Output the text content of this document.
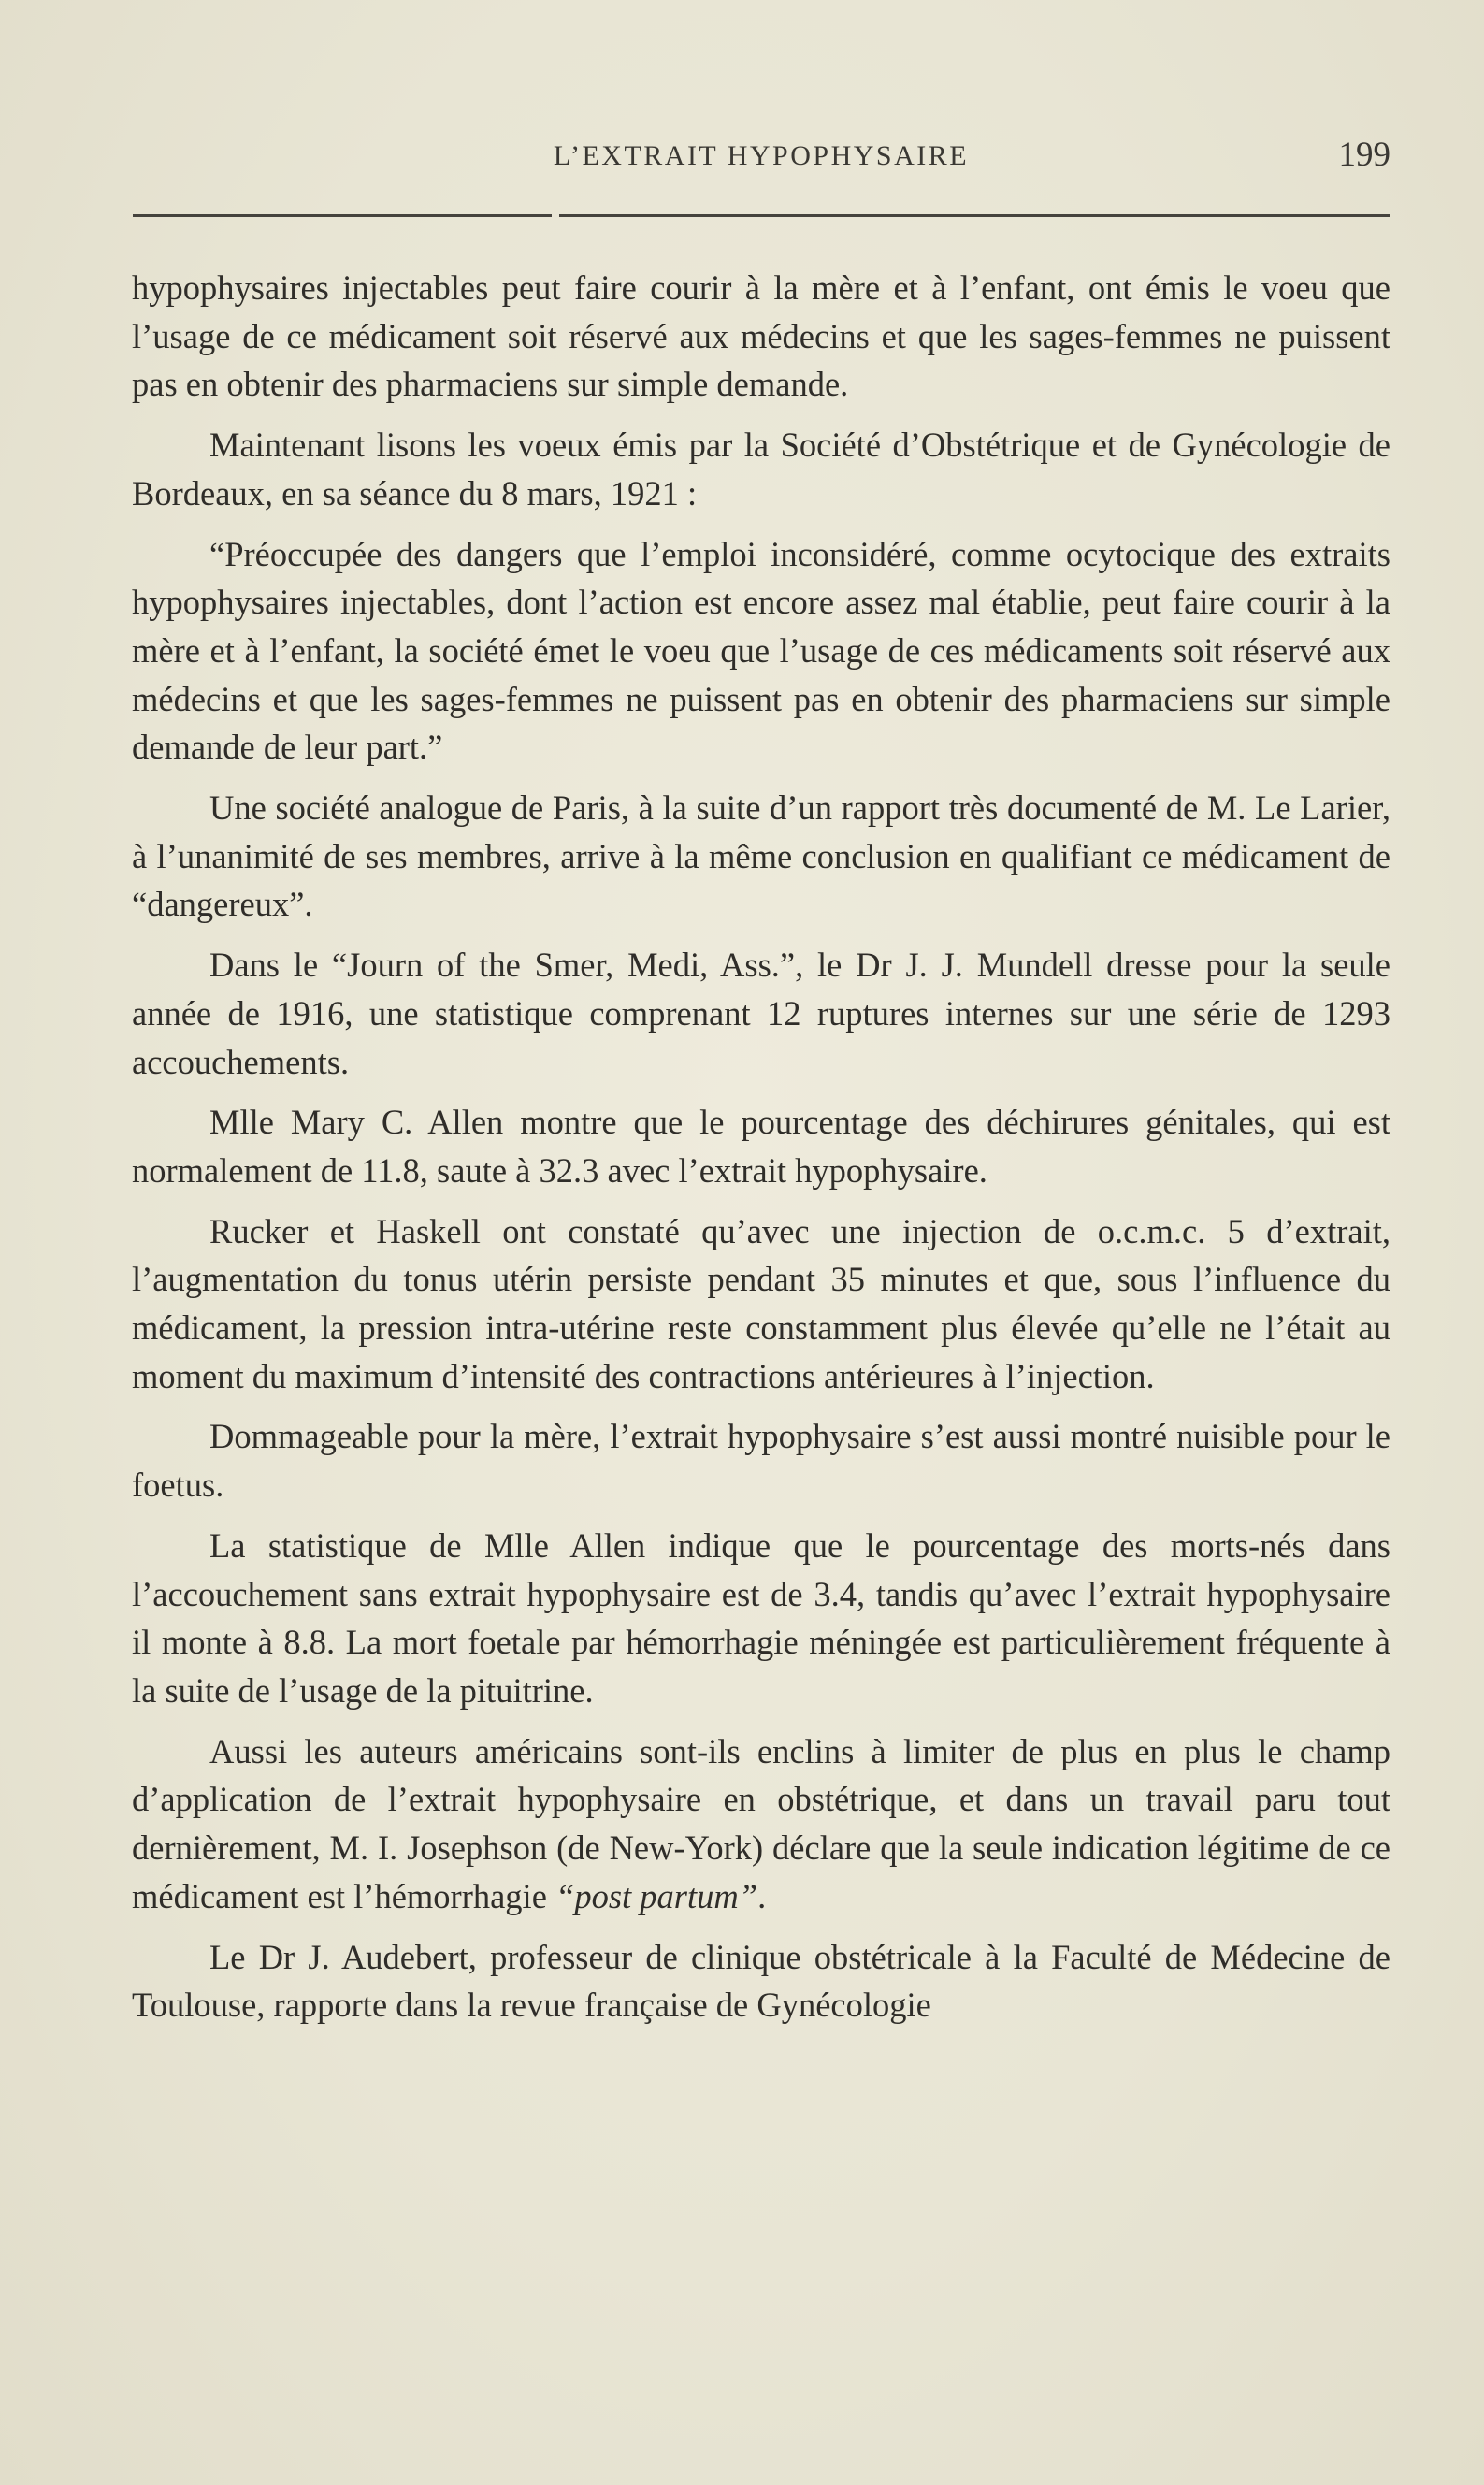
L’EXTRAIT HYPOPHYSAIRE	199

hypophysaires injectables peut faire courir à la mère et à l’enfant, ont émis le voeu que l’usage de ce médicament soit réservé aux médecins et que les sages-femmes ne puissent pas en obtenir des pharmaciens sur simple demande.

Maintenant lisons les voeux émis par la Société d’Obstétrique et de Gynécologie de Bordeaux, en sa séance du 8 mars, 1921 :

“Préoccupée des dangers que l’emploi inconsidéré, comme ocytocique des extraits hypophysaires injectables, dont l’action est encore assez mal établie, peut faire courir à la mère et à l’enfant, la société émet le voeu que l’usage de ces médicaments soit réservé aux médecins et que les sages-femmes ne puissent pas en obtenir des pharmaciens sur simple demande de leur part.”

Une société analogue de Paris, à la suite d’un rapport très documenté de M. Le Larier, à l’unanimité de ses membres, arrive à la même conclusion en qualifiant ce médicament de “dangereux”.

Dans le “Journ of the Smer, Medi, Ass.”, le Dr J. J. Mundell dresse pour la seule année de 1916, une statistique comprenant 12 ruptures internes sur une série de 1293 accouchements.

Mlle Mary C. Allen montre que le pourcentage des déchirures génitales, qui est normalement de 11.8, saute à 32.3 avec l’extrait hypophysaire.

Rucker et Haskell ont constaté qu’avec une injection de o.c.m.c. 5 d’extrait, l’augmentation du tonus utérin persiste pendant 35 minutes et que, sous l’influence du médicament, la pression intra-utérine reste constamment plus élevée qu’elle ne l’était au moment du maximum d’intensité des contractions antérieures à l’injection.

Dommageable pour la mère, l’extrait hypophysaire s’est aussi montré nuisible pour le foetus.

La statistique de Mlle Allen indique que le pourcentage des morts-nés dans l’accouchement sans extrait hypophysaire est de 3.4, tandis qu’avec l’extrait hypophysaire il monte à 8.8. La mort foetale par hémorrhagie méningée est particulièrement fréquente à la suite de l’usage de la pituitrine.

Aussi les auteurs américains sont-ils enclins à limiter de plus en plus le champ d’application de l’extrait hypophysaire en obstétrique, et dans un travail paru tout dernièrement, M. I. Josephson (de New-York) déclare que la seule indication légitime de ce médicament est l’hémorrhagie “post partum”.

Le Dr J. Audebert, professeur de clinique obstétricale à la Faculté de Médecine de Toulouse, rapporte dans la revue française de Gynécologie
